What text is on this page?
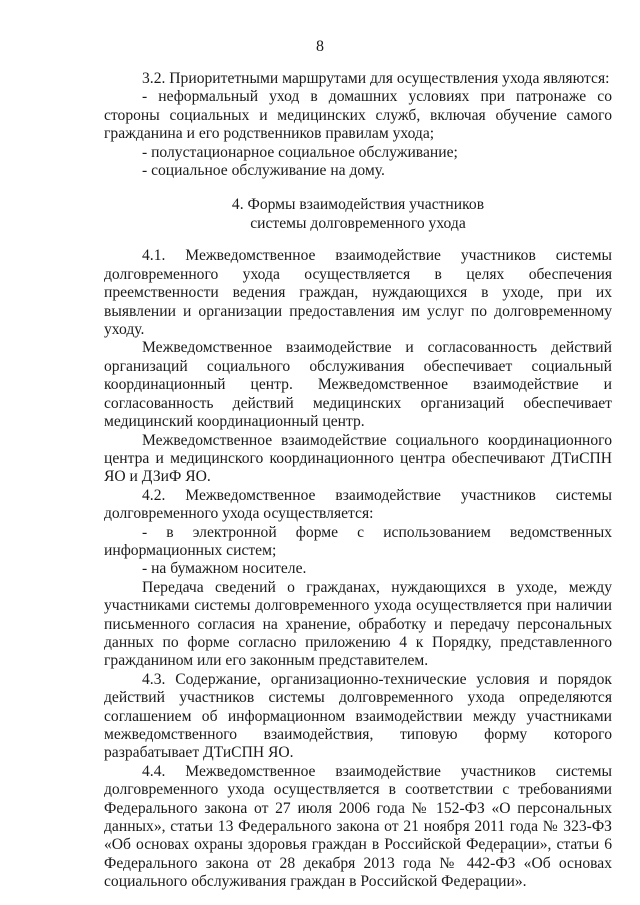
8

3.2. Приоритетными маршрутами для осуществления ухода являются:

- неформальный уход в домашних условиях при патронаже со стороны социальных и медицинских служб, включая обучение самого гражданина и его родственников правилам ухода;

- полустационарное социальное обслуживание;

- социальное обслуживание на дому.

4. Формы взаимодействия участников
системы долговременного ухода

4.1. Межведомственное взаимодействие участников системы долговременного ухода осуществляется в целях обеспечения преемственности ведения граждан, нуждающихся в уходе, при их выявлении и организации предоставления им услуг по долговременному уходу.

Межведомственное взаимодействие и согласованность действий организаций социального обслуживания обеспечивает социальный координационный центр. Межведомственное взаимодействие и согласованность действий медицинских организаций обеспечивает медицинский координационный центр.

Межведомственное взаимодействие социального координационного центра и медицинского координационного центра обеспечивают ДТиСПН ЯО и ДЗиФ ЯО.

4.2. Межведомственное взаимодействие участников системы долговременного ухода осуществляется:

- в электронной форме с использованием ведомственных информационных систем;

- на бумажном носителе.

Передача сведений о гражданах, нуждающихся в уходе, между участниками системы долговременного ухода осуществляется при наличии письменного согласия на хранение, обработку и передачу персональных данных по форме согласно приложению 4 к Порядку, представленного гражданином или его законным представителем.

4.3. Содержание, организационно-технические условия и порядок действий участников системы долговременного ухода определяются соглашением об информационном взаимодействии между участниками межведомственного взаимодействия, типовую форму которого разрабатывает ДТиСПН ЯО.

4.4. Межведомственное взаимодействие участников системы долговременного ухода осуществляется в соответствии с требованиями Федерального закона от 27 июля 2006 года № 152-ФЗ «О персональных данных», статьи 13 Федерального закона от 21 ноября 2011 года № 323-ФЗ «Об основах охраны здоровья граждан в Российской Федерации», статьи 6 Федерального закона от 28 декабря 2013 года № 442-ФЗ «Об основах социального обслуживания граждан в Российской Федерации».
